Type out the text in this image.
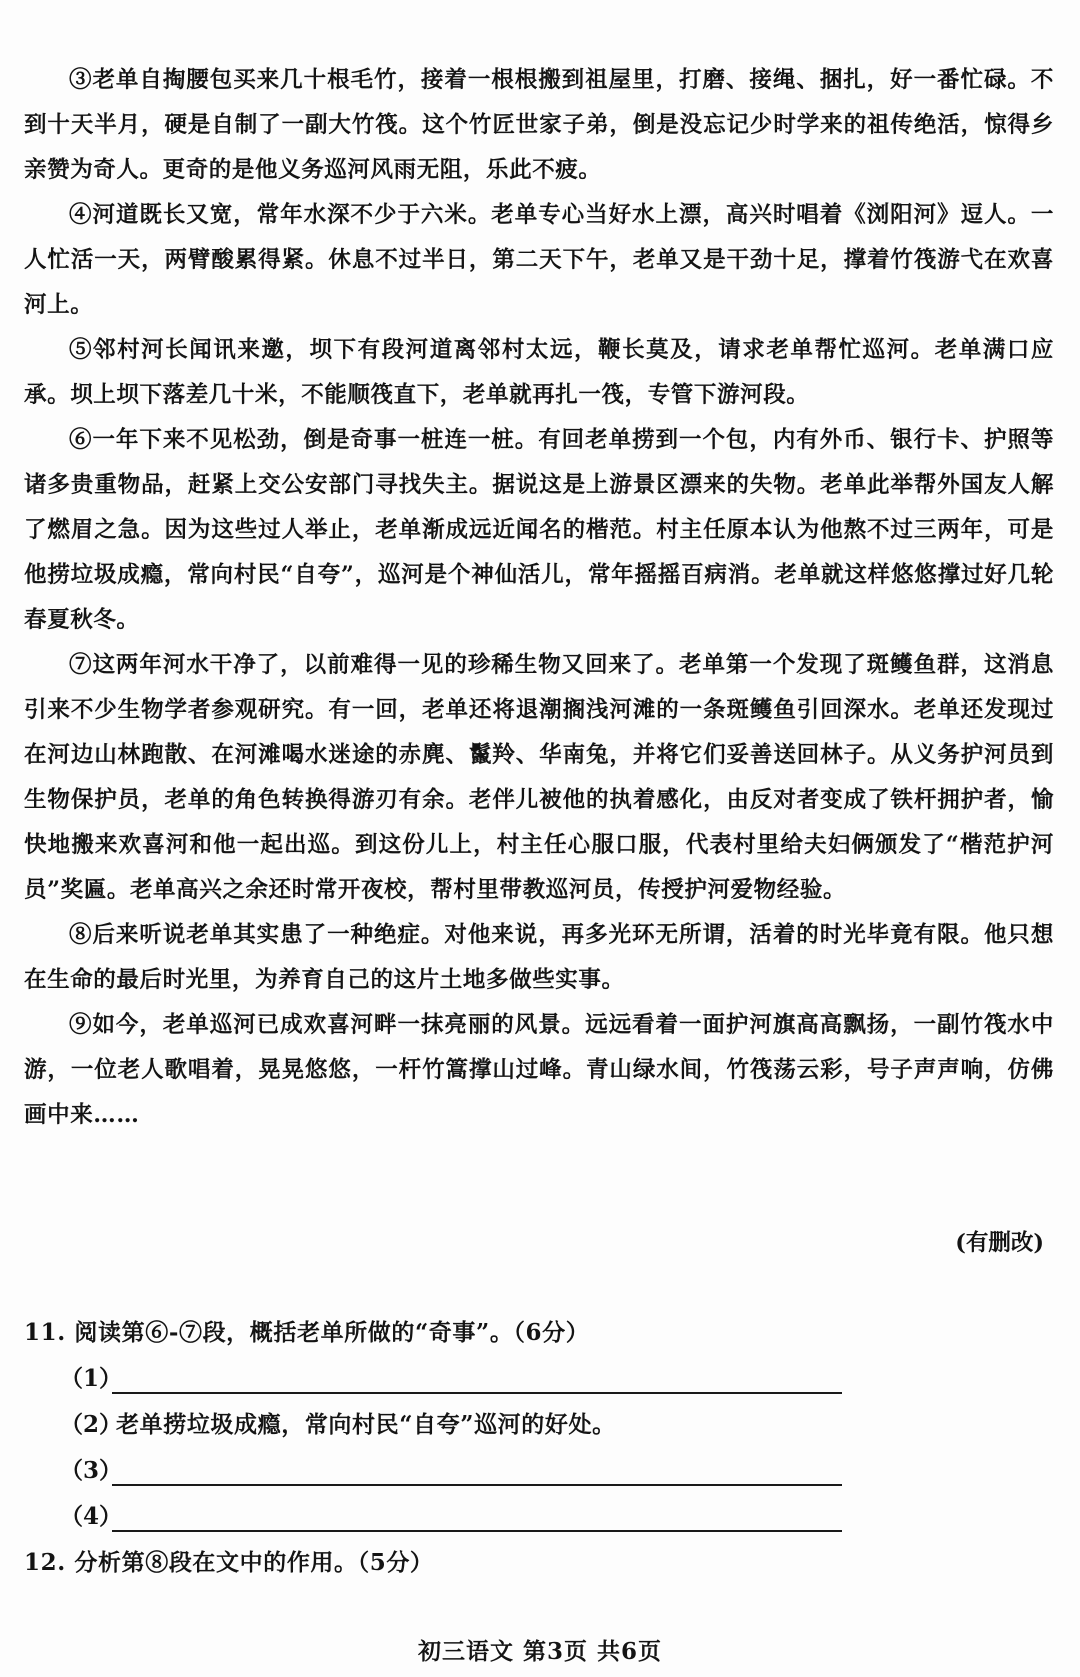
③老单自掏腰包买来几十根毛竹，接着一根根搬到祖屋里，打磨、接绳、捆扎，好一番忙碌。不到十天半月，硬是自制了一副大竹筏。这个竹匠世家子弟，倒是没忘记少时学来的祖传绝活，惊得乡亲赞为奇人。更奇的是他义务巡河风雨无阻，乐此不疲。

④河道既长又宽，常年水深不少于六米。老单专心当好水上漂，高兴时唱着《浏阳河》逗人。一人忙活一天，两臂酸累得紧。休息不过半日，第二天下午，老单又是干劲十足，撑着竹筏游弋在欢喜河上。

⑤邻村河长闻讯来邀，坝下有段河道离邻村太远，鞭长莫及，请求老单帮忙巡河。老单满口应承。坝上坝下落差几十米，不能顺筏直下，老单就再扎一筏，专管下游河段。

⑥一年下来不见松劲，倒是奇事一桩连一桩。有回老单捞到一个包，内有外币、银行卡、护照等诸多贵重物品，赶紧上交公安部门寻找失主。据说这是上游景区漂来的失物。老单此举帮外国友人解了燃眉之急。因为这些过人举止，老单渐成远近闻名的楷范。村主任原本认为他熬不过三两年，可是他捞垃圾成瘾，常向村民“自夸”，巡河是个神仙活儿，常年摇摇百病消。老单就这样悠悠撑过好几轮春夏秋冬。

⑦这两年河水干净了，以前难得一见的珍稀生物又回来了。老单第一个发现了斑鳠鱼群，这消息引来不少生物学者参观研究。有一回，老单还将退潮搁浅河滩的一条斑鳠鱼引回深水。老单还发现过在河边山林跑散、在河滩喝水迷途的赤麂、鬣羚、华南兔，并将它们妥善送回林子。从义务护河员到生物保护员，老单的角色转换得游刃有余。老伴儿被他的执着感化，由反对者变成了铁杆拥护者，愉快地搬来欢喜河和他一起出巡。到这份儿上，村主任心服口服，代表村里给夫妇俩颁发了“楷范护河员”奖匾。老单高兴之余还时常开夜校，帮村里带教巡河员，传授护河爱物经验。

⑧后来听说老单其实患了一种绝症。对他来说，再多光环无所谓，活着的时光毕竟有限。他只想在生命的最后时光里，为养育自己的这片土地多做些实事。

⑨如今，老单巡河已成欢喜河畔一抹亮丽的风景。远远看着一面护河旗高高飘扬，一副竹筏水中游，一位老人歌唱着，晃晃悠悠，一杆竹篙撑山过峰。青山绿水间，竹筏荡云彩，号子声声响，仿佛画中来……

(有删改)

11. 阅读第⑥-⑦段，概括老单所做的“奇事”。（6分）

（1）
（2） 老单捞垃圾成瘾，常向村民“自夸”巡河的好处。
（3）
（4）

12. 分析第⑧段在文中的作用。（5分）

初三语文 第3页 共6页
